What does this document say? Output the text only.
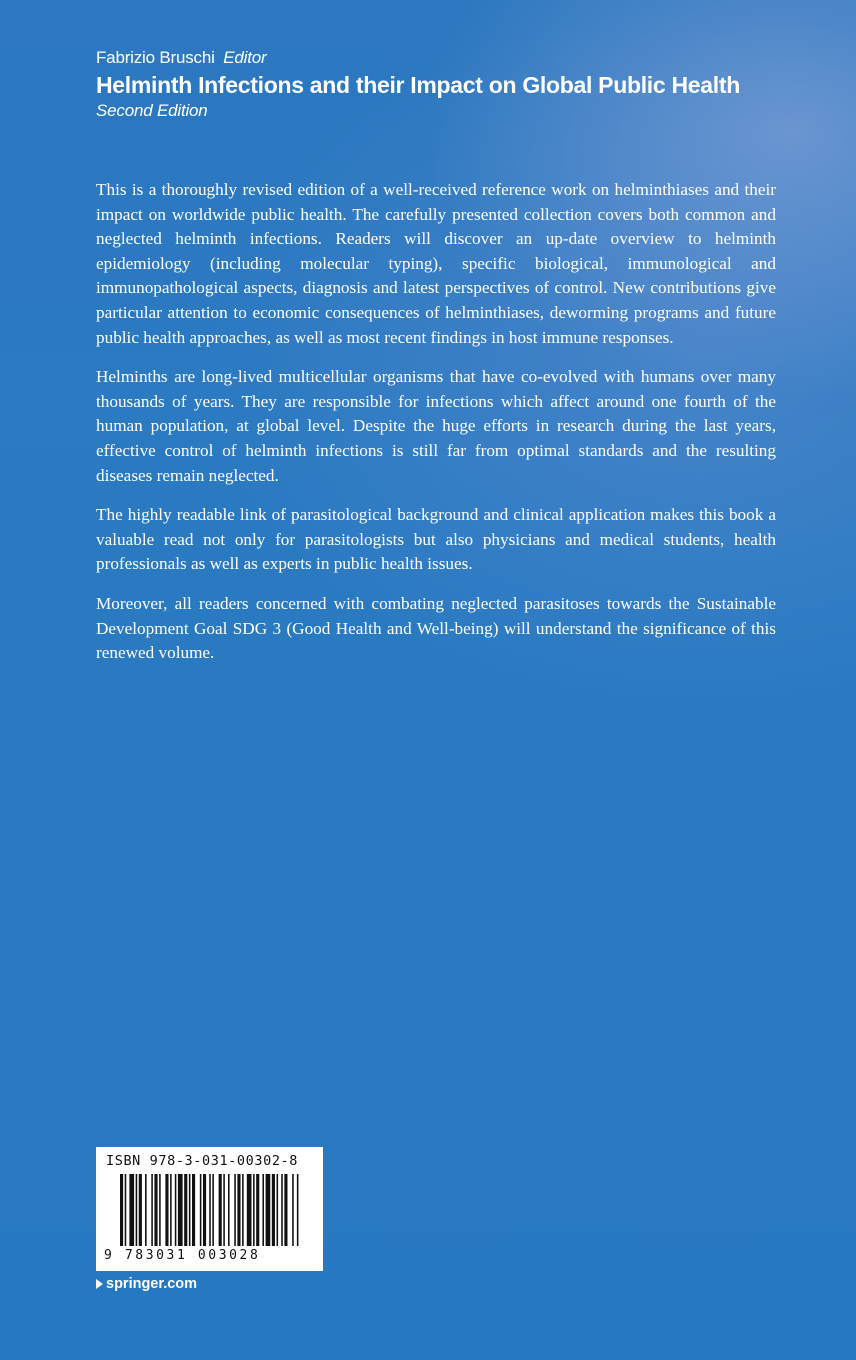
Fabrizio Bruschi Editor
Helminth Infections and their Impact on Global Public Health
Second Edition

This is a thoroughly revised edition of a well-received reference work on helminthiases and their impact on worldwide public health. The carefully presented collection covers both common and neglected helminth infections. Readers will discover an up-date overview to helminth epidemiology (including molecular typing), specific biological, immunological and immunopathological aspects, diagnosis and latest perspectives of control. New contributions give particular attention to economic consequences of helminthiases, deworming programs and future public health approaches, as well as most recent findings in host immune responses.

Helminths are long-lived multicellular organisms that have co-evolved with humans over many thousands of years. They are responsible for infections which affect around one fourth of the human population, at global level. Despite the huge efforts in research during the last years, effective control of helminth infections is still far from optimal standards and the resulting diseases remain neglected.

The highly readable link of parasitological background and clinical application makes this book a valuable read not only for parasitologists but also physicians and medical students, health professionals as well as experts in public health issues.

Moreover, all readers concerned with combating neglected parasitoses towards the Sustainable Development Goal SDG 3 (Good Health and Well-being) will understand the significance of this renewed volume.

ISBN 978-3-031-00302-8
9 783031 003028
springer.com
